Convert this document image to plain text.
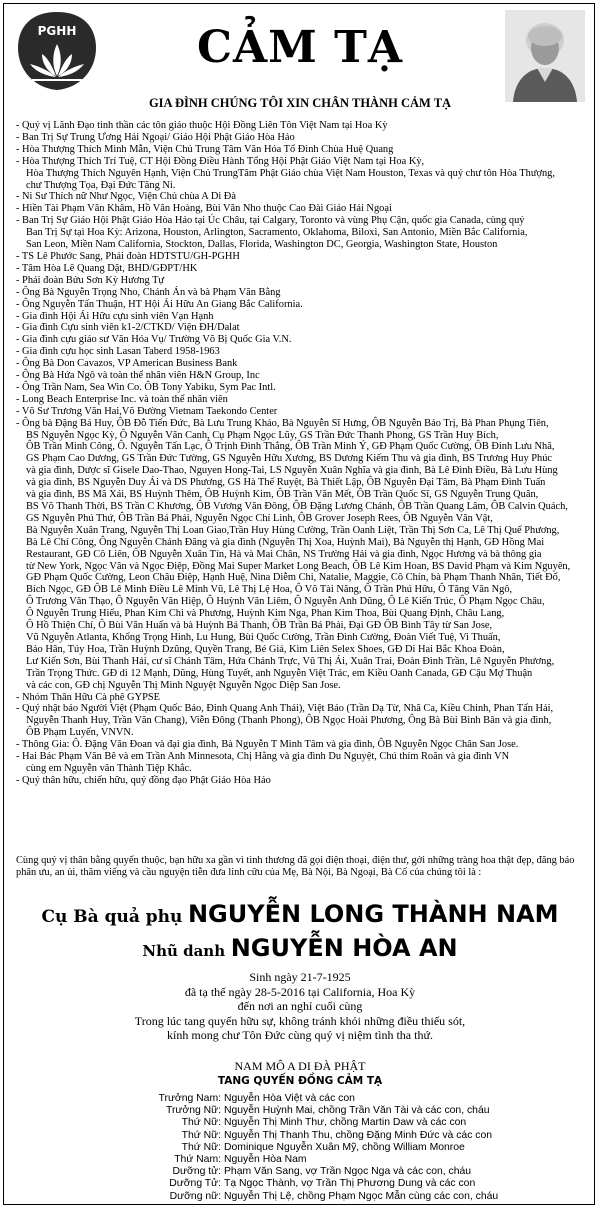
PGHH	CẢM TẠ
GIA ĐÌNH CHÚNG TÔI XIN CHÂN THÀNH CẢM TẠ
- Quý vị Lãnh Đạo tinh thần các tôn giáo thuộc Hội Đồng Liên Tôn Việt Nam tại Hoa Kỳ
- Ban Trị Sự Trung Ương Hải Ngoại/ Giáo Hội Phật Giáo Hòa Hảo
- Hòa Thượng Thích Minh Mẫn, Viện Chủ Trung Tâm Văn Hóa Tổ Đình Chùa Huệ Quang
- Hòa Thượng Thích Trí Tuệ, CT Hội Đồng Điều Hành Tổng Hội Phật Giáo Việt Nam tại Hoa Kỳ,
Hòa Thượng Thích Nguyên Hạnh, Viện Chủ TrungTâm Phật Giáo chùa Việt Nam Houston, Texas và quý chư tôn Hòa Thượng,
chư Thượng Tọa, Đại Đức Tăng Ni.
- Ni Sư Thích nữ Như Ngọc, Viện Chủ chùa A Di Đà
- Hiền Tài Phạm Văn Khâm, Hồ Văn Hoàng, Bùi Văn Nho thuộc Cao Đài Giáo Hải Ngoại
- Ban Trị Sự Giáo Hội Phật Giáo Hòa Hảo tại Úc Châu, tại Calgary, Toronto và vùng Phụ Cận, quốc gia Canada, cùng quý
Ban Trị Sự tại Hoa Kỳ: Arizona, Houston, Arlington, Sacramento, Oklahoma, Biloxi, San Antonio, Miền Bắc California,
San Leon, Miền Nam California, Stockton, Dallas, Florida, Washington DC, Georgia, Washington State, Houston
- TS Lê Phước Sang, Phái đoàn HDTSTU/GH-PGHH
- Tâm Hòa Lê Quang Dật, BHD/GĐPT/HK
- Phái đoàn Bửu Sơn Kỳ Hương Tự
- Ông Bà Nguyễn Trọng Nho, Chánh Án và bà Phạm Văn Bằng
- Ông Nguyễn Tấn Thuận, HT Hội Ái Hữu An Giang Bắc California.
- Gia đình Hội Ái Hữu cựu sinh viên Vạn Hạnh
- Gia đình Cựu sinh viên k1-2/CTKD/ Viện ĐH/Dalat
- Gia đình cựu giáo sư Văn Hóa Vụ/ Trường Võ Bị Quốc Gia V.N.
- Gia đình cựu học sinh Lasan Taberd 1958-1963
- Ông Bà Don Cavazos, VP American Business Bank
- Ông Bà Hứa Ngô và toàn thể nhân viên H&N Group, Inc
- Ông Trần Nam, Sea Win Co. ÔB Tony Yabiku, Sym Pac Intl.
- Long Beach Enterprise Inc. và toàn thể nhân viên
- Võ Sư Trương Văn Hai,Võ Đường Vietnam Taekondo Center
- Ông bà Đặng Bá Huy, ÔB Đỗ Tiến Đức, Bà Lưu Trung Khảo, Bà Nguyễn Sĩ Hưng, ÔB Nguyễn Bảo Trị, Bà Phan Phụng Tiên,
BS Nguyễn Ngọc Kỳ, Ô Nguyễn Văn Canh, Cụ Phạm Ngọc Lũy, GS Trần Đức Thanh Phong, GS Trần Huy Bích,
ÔB Trần Minh Công, Ô. Nguyễn Tấn Lạc, Ô Trịnh Đình Thắng, ÔB Trần Minh Ý, GĐ Phạm Quốc Cường, ÔB Đinh Lưu Nhã,
GS Phạm Cao Dương, GS Trần Đức Tường, GS Nguyễn Hữu Xương, BS Dương Kiếm Thu và gia đình, BS Trương Huy Phúc
và gia đình, Dược sĩ Gisele Dao-Thao, Nguyen Hong-Tai, LS Nguyễn Xuân Nghĩa và gia đình, Bà Lê Đình Điều, Bà Lưu Hùng
và gia đình, BS Nguyễn Duy Ái và DS Phương, GS Hà Thế Ruyệt, Bà Thiết Lập, ÔB Nguyễn Đại Tâm, Bà Phạm Đình Tuấn
và gia đình, BS Mã Xái, BS Huỳnh Thêm, ÔB Huỳnh Kim, ÔB Trần Văn Mết, ÔB Trần Quốc Sĩ, GS Nguyễn Trung Quân,
BS Võ Thanh Thời, BS Trần C Khương, ÔB Vương Văn Đông, ÔB Đặng Lương Chánh, ÔB Trần Quang Lâm, ÔB Calvin Quách,
GS Nguyễn Phú Thứ, ÔB Trần Bá Phải, Nguyễn Ngọc Chí Linh, ÔB Grover Joseph Rees, ÔB Nguyễn Văn Vật,
Bà Nguyễn Xuân Trang, Nguyễn Thị Loan Giao,Trần Huy Hùng Cường, Trần Oanh Liệt, Trần Thị Sơn Ca, Lê Thị Quế Phương,
Bà Lê Chí Công, Ông Nguyễn Chánh Đăng và gia đình (Nguyễn Thị Xoa, Huỳnh Mai), Bà Nguyễn thị Hạnh, GĐ Hồng Mai
Restaurant, GĐ Cô Liên, ÔB Nguyễn Xuân Tín, Hà và Mai Chân, NS Trường Hải và gia đình, Ngọc Hương và bà thông gia
từ New York, Ngọc Vân và Ngọc Điệp, Đồng Mai Super Market Long Beach, ÔB Lê Kim Hoan, BS David Phạm và Kim Nguyên,
GĐ Phạm Quốc Cường, Leon Châu Điệp, Hạnh Huệ, Nina Diễm Chi, Natalie, Maggie, Cô Chín, bà Phạm Thanh Nhãn, Tiết Đổ,
Bích Ngọc, GĐ ÔB Lê Minh Điều Lê Minh Vũ, Lê Thị Lệ Hoa, Ô Võ Tài Năng, Ô Trần Phú Hữu, Ô Tăng Văn Ngô,
Ô Trương Văn Thạo, Ô Nguyễn Văn Hiệp, Ô Huỳnh Văn Liêm, Ô Nguyễn Anh Dũng, Ô Lê Kiến Trúc, Ô Phạm Ngọc Châu,
Ô Nguyễn Trung Hiếu, Phan Kim Chi và Phương, Huỳnh Kim Nga, Phan Kim Thoa, Bùi Quang Định, Châu Lang,
Ô Hồ Thiện Chí, Ô Bùi Văn Huấn và bà Huỳnh Bá Thanh, ÔB Trần Bá Phải, Đại GĐ ÔB Bình Tây từ San Jose,
Vũ Nguyễn Atlanta, Khổng Trọng Hinh, Lu Hung, Bùi Quốc Cường, Trần Đình Cường, Đoàn Viết Tuệ, Vi Thuấn,
Bảo Hân, Túy Hoa, Trần Huỳnh Dzũng, Quyền Trang, Bé Giả, Kim Liên Selex Shoes, GĐ Di Hai Bắc Khoa Đoàn,
Lư Kiến Sơn, Bùi Thanh Hải, cư sĩ Chánh Tâm, Hứa Chánh Trực, Vũ Thị Ái, Xuân Trai, Đoàn Đình Trần, Lê Nguyễn Phương,
Trần Trọng Thức. GĐ di 12 Mạnh, Dũng, Hùng Tuyết, anh Nguyễn Việt Trác, em Kiều Oanh Canada, GĐ Cậu Mợ Thuận
và các con, GĐ chị Nguyễn Thị Minh Nguyệt Nguyễn Ngọc Diệp San Jose.
- Nhóm Thân Hữu Cà phê GYPSE
- Quý nhật báo Người Việt (Phạm Quốc Bảo, Đinh Quang Anh Thái), Việt Báo (Trần Dạ Từ, Nhã Ca, Kiều Chinh, Phan Tấn Hải,
Nguyễn Thanh Huy, Trần Văn Chang), Viễn Đông (Thanh Phong), ÔB Ngọc Hoài Phương, Ông Bà Bùi Bình Bân và gia đình,
ÔB Phạm Luyến, VNVN.
- Thông Gia: Ô. Đặng Văn Đoan và đại gia đình, Bà Nguyễn T Minh Tâm và gia đình, ÔB Nguyễn Ngọc Chân San Jose.
- Hai Bác Phạm Văn Bê và em Trần Anh Minnesota, Chị Hằng và gia đình Du Nguyệt, Chú thím Roãn và gia đình VN
cùng em Nguyễn văn Thành Tiệp Khắc.
- Quý thân hữu, chiến hữu, quý đồng đạo Phật Giáo Hòa Hảo
Cùng quý vị thân bằng quyến thuộc, bạn hữu xa gần vì tình thương đã gọi điện thoại, điện thư, gởi những tràng hoa thật đẹp, đăng báo phân ưu, an ủi, thăm viếng và cầu nguyện tiễn đưa linh cữu của Mẹ, Bà Nội, Bà Ngoại, Bà Cố của chúng tôi là :
Cụ Bà quả phụ NGUYỄN LONG THÀNH NAM
Nhũ danh NGUYỄN HÒA AN
Sinh ngày 21-7-1925
đã tạ thế ngày 28-5-2016 tại California, Hoa Kỳ
đến nơi an nghỉ cuối cùng
Trong lúc tang quyến hữu sự, không tránh khỏi những điều thiếu sót,
kính mong chư Tôn Đức cùng quý vị niệm tình tha thứ.
NAM MÔ A DI ĐÀ PHẬT
TANG QUYẾN ĐỒNG CẢM TẠ
Trưởng Nam: Nguyễn Hòa Việt và các con
Trưởng Nữ: Nguyễn Huỳnh Mai, chồng Trần Văn Tài và các con, cháu
Thứ Nữ: Nguyễn Thị Minh Thư, chồng Martin Daw và các con
Thứ Nữ: Nguyễn Thị Thanh Thu, chồng Đặng Minh Đức và các con
Thứ Nữ: Dominique Nguyễn Xuân Mỹ, chồng William Monroe
Thứ Nam: Nguyễn Hòa Nam
Dưỡng tử: Phạm Văn Sang, vợ Trần Ngọc Nga và các con, cháu
Dưỡng Tử: Tạ Ngọc Thành, vợ Trần Thị Phương Dung và các con
Dưỡng nữ: Nguyễn Thị Lệ, chồng Phạm Ngọc Mẫn cùng các con, cháu
